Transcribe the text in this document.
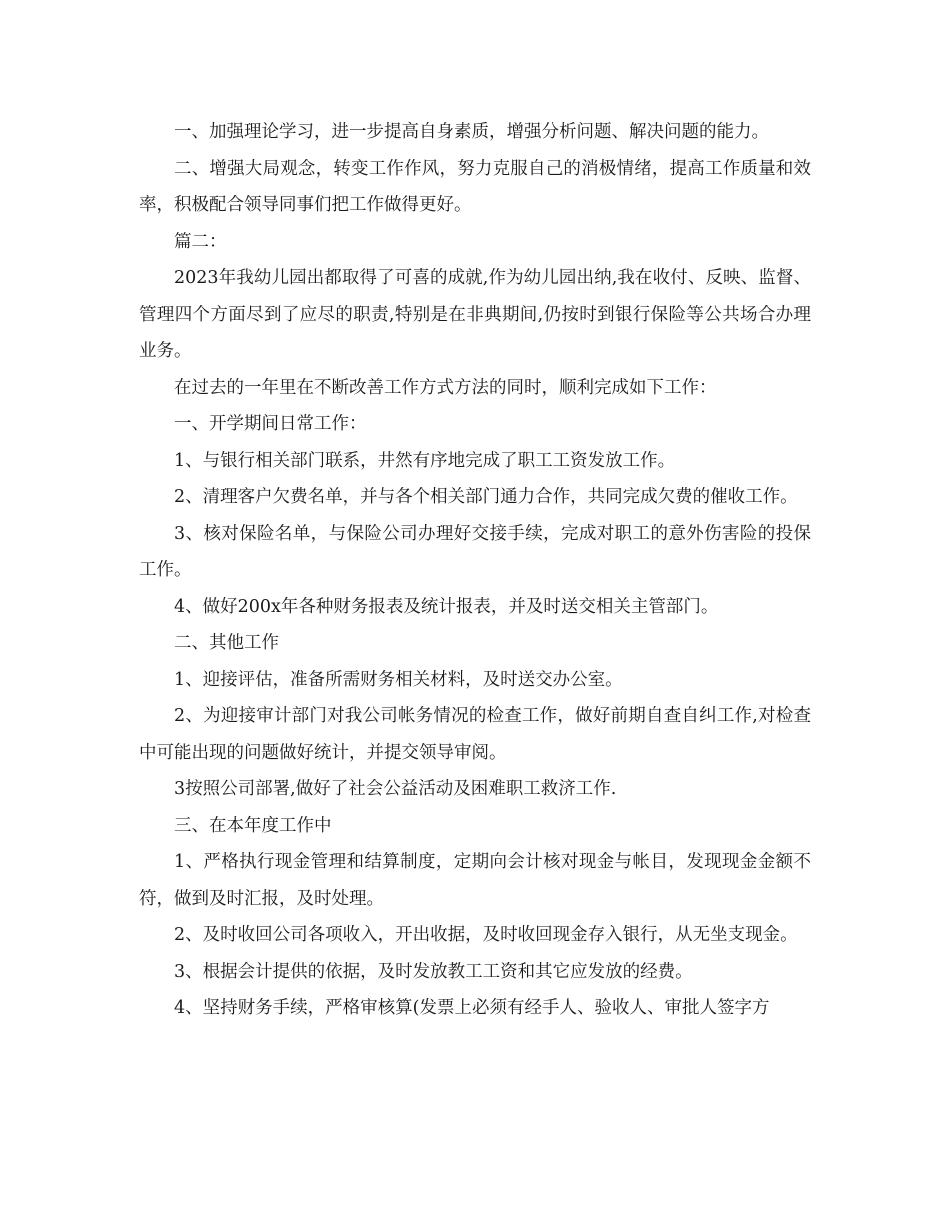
一、加强理论学习，进一步提高自身素质，增强分析问题、解决问题的能力。

二、增强大局观念，转变工作作风，努力克服自己的消极情绪，提高工作质量和效率，积极配合领导同事们把工作做得更好。

篇二：

2023年我幼儿园出都取得了可喜的成就,作为幼儿园出纳,我在收付、反映、监督、管理四个方面尽到了应尽的职责,特别是在非典期间,仍按时到银行保险等公共场合办理业务。

在过去的一年里在不断改善工作方式方法的同时，顺利完成如下工作：

一、开学期间日常工作：

1、与银行相关部门联系，井然有序地完成了职工工资发放工作。

2、清理客户欠费名单，并与各个相关部门通力合作，共同完成欠费的催收工作。

3、核对保险名单，与保险公司办理好交接手续，完成对职工的意外伤害险的投保工作。

4、做好200x年各种财务报表及统计报表，并及时送交相关主管部门。

二、其他工作

1、迎接评估，准备所需财务相关材料，及时送交办公室。

2、为迎接审计部门对我公司帐务情况的检查工作，做好前期自查自纠工作,对检查中可能出现的问题做好统计，并提交领导审阅。

3按照公司部署,做好了社会公益活动及困难职工救济工作.

三、在本年度工作中

1、严格执行现金管理和结算制度，定期向会计核对现金与帐目，发现现金金额不符，做到及时汇报，及时处理。

2、及时收回公司各项收入，开出收据，及时收回现金存入银行，从无坐支现金。

3、根据会计提供的依据，及时发放教工工资和其它应发放的经费。

4、坚持财务手续，严格审核算(发票上必须有经手人、验收人、审批人签字方
